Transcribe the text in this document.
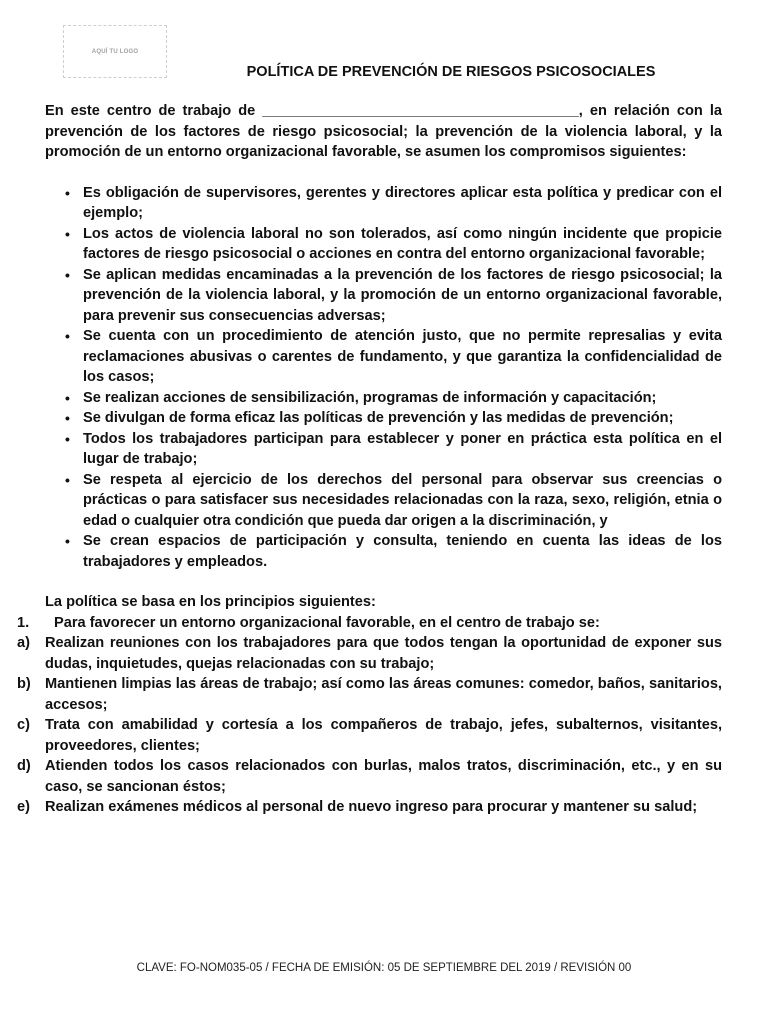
AQUÍ TU LOGO
POLÍTICA DE PREVENCIÓN DE RIESGOS PSICOSOCIALES

En este centro de trabajo de _______________________________________, en relación con la prevención de los factores de riesgo psicosocial; la prevención de la violencia laboral, y la promoción de un entorno organizacional favorable, se asumen los compromisos siguientes:

• Es obligación de supervisores, gerentes y directores aplicar esta política y predicar con el ejemplo;
• Los actos de violencia laboral no son tolerados, así como ningún incidente que propicie factores de riesgo psicosocial o acciones en contra del entorno organizacional favorable;
• Se aplican medidas encaminadas a la prevención de los factores de riesgo psicosocial; la prevención de la violencia laboral, y la promoción de un entorno organizacional favorable, para prevenir sus consecuencias adversas;
• Se cuenta con un procedimiento de atención justo, que no permite represalias y evita reclamaciones abusivas o carentes de fundamento, y que garantiza la confidencialidad de los casos;
• Se realizan acciones de sensibilización, programas de información y capacitación;
• Se divulgan de forma eficaz las políticas de prevención y las medidas de prevención;
• Todos los trabajadores participan para establecer y poner en práctica esta política en el lugar de trabajo;
• Se respeta al ejercicio de los derechos del personal para observar sus creencias o prácticas o para satisfacer sus necesidades relacionadas con la raza, sexo, religión, etnia o edad o cualquier otra condición que pueda dar origen a la discriminación, y
• Se crean espacios de participación y consulta, teniendo en cuenta las ideas de los trabajadores y empleados.

La política se basa en los principios siguientes:

1. Para favorecer un entorno organizacional favorable, en el centro de trabajo se:

a) Realizan reuniones con los trabajadores para que todos tengan la oportunidad de exponer sus dudas, inquietudes, quejas relacionadas con su trabajo;
b) Mantienen limpias las áreas de trabajo; así como las áreas comunes: comedor, baños, sanitarios, accesos;
c) Trata con amabilidad y cortesía a los compañeros de trabajo, jefes, subalternos, visitantes, proveedores, clientes;
d) Atienden todos los casos relacionados con burlas, malos tratos, discriminación, etc., y en su caso, se sancionan éstos;
e) Realizan exámenes médicos al personal de nuevo ingreso para procurar y mantener su salud;
CLAVE: FO-NOM035-05 / FECHA DE EMISIÓN: 05 DE SEPTIEMBRE DEL 2019 / REVISIÓN 00
